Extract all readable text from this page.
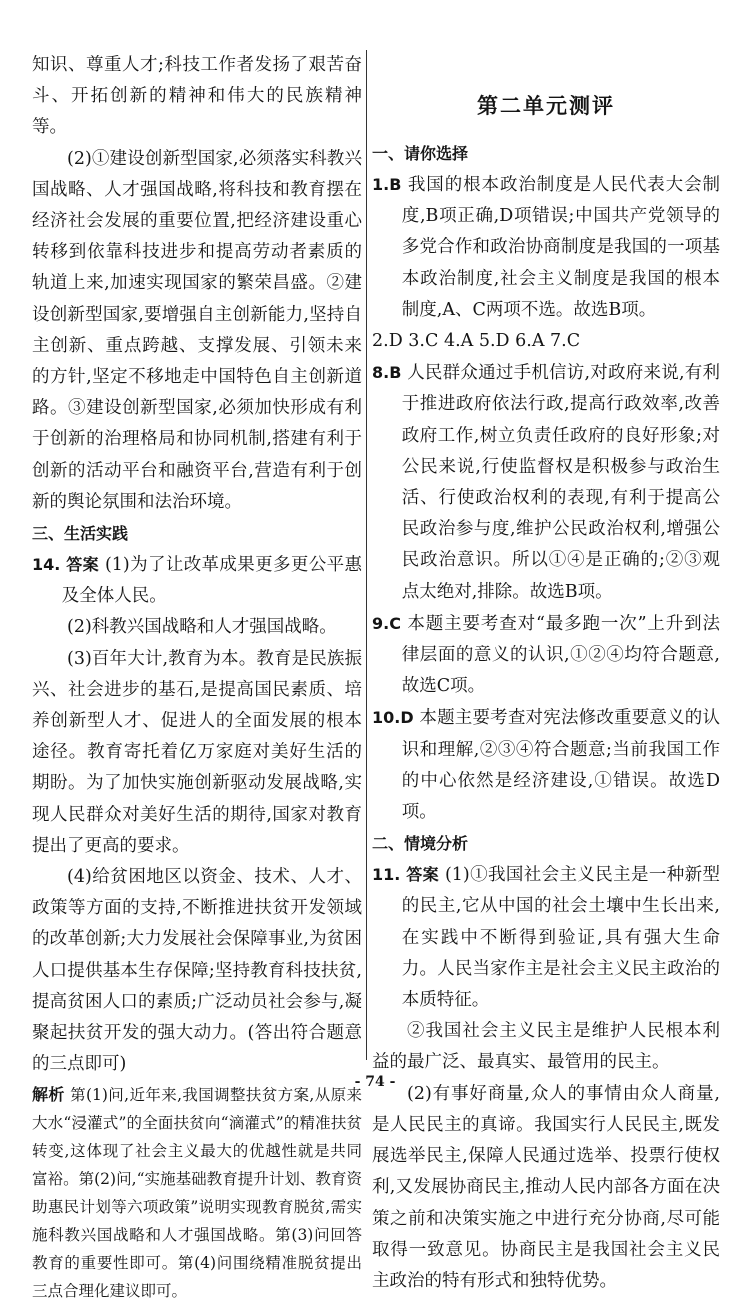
知识、尊重人才;科技工作者发扬了艰苦奋斗、开拓创新的精神和伟大的民族精神等。

(2)①建设创新型国家,必须落实科教兴国战略、人才强国战略,将科技和教育摆在经济社会发展的重要位置,把经济建设重心转移到依靠科技进步和提高劳动者素质的轨道上来,加速实现国家的繁荣昌盛。②建设创新型国家,要增强自主创新能力,坚持自主创新、重点跨越、支撑发展、引领未来的方针,坚定不移地走中国特色自主创新道路。③建设创新型国家,必须加快形成有利于创新的治理格局和协同机制,搭建有利于创新的活动平台和融资平台,营造有利于创新的舆论氛围和法治环境。

三、生活实践

14. 答案 (1)为了让改革成果更多更公平惠及全体人民。

(2)科教兴国战略和人才强国战略。

(3)百年大计,教育为本。教育是民族振兴、社会进步的基石,是提高国民素质、培养创新型人才、促进人的全面发展的根本途径。教育寄托着亿万家庭对美好生活的期盼。为了加快实施创新驱动发展战略,实现人民群众对美好生活的期待,国家对教育提出了更高的要求。

(4)给贫困地区以资金、技术、人才、政策等方面的支持,不断推进扶贫开发领域的改革创新;大力发展社会保障事业,为贫困人口提供基本生存保障;坚持教育科技扶贫,提高贫困人口的素质;广泛动员社会参与,凝聚起扶贫开发的强大动力。(答出符合题意的三点即可)

解析 第(1)问,近年来,我国调整扶贫方案,从原来大水“浸灌式”的全面扶贫向“滴灌式”的精准扶贫转变,这体现了社会主义最大的优越性就是共同富裕。第(2)问,“实施基础教育提升计划、教育资助惠民计划等六项政策”说明实现教育脱贫,需实施科教兴国战略和人才强国战略。第(3)问回答教育的重要性即可。第(4)问围绕精准脱贫提出三点合理化建议即可。

第二单元测评

一、请你选择

1.B 我国的根本政治制度是人民代表大会制度,B项正确,D项错误;中国共产党领导的多党合作和政治协商制度是我国的一项基本政治制度,社会主义制度是我国的根本制度,A、C两项不选。故选B项。

2.D 3.C 4.A 5.D 6.A 7.C

8.B 人民群众通过手机信访,对政府来说,有利于推进政府依法行政,提高行政效率,改善政府工作,树立负责任政府的良好形象;对公民来说,行使监督权是积极参与政治生活、行使政治权利的表现,有利于提高公民政治参与度,维护公民政治权利,增强公民政治意识。所以①④是正确的;②③观点太绝对,排除。故选B项。

9.C 本题主要考查对“最多跑一次”上升到法律层面的意义的认识,①②④均符合题意,故选C项。

10.D 本题主要考查对宪法修改重要意义的认识和理解,②③④符合题意;当前我国工作的中心依然是经济建设,①错误。故选D项。

二、情境分析

11. 答案 (1)①我国社会主义民主是一种新型的民主,它从中国的社会土壤中生长出来,在实践中不断得到验证,具有强大生命力。人民当家作主是社会主义民主政治的本质特征。

②我国社会主义民主是维护人民根本利益的最广泛、最真实、最管用的民主。

(2)有事好商量,众人的事情由众人商量,是人民民主的真谛。我国实行人民民主,既发展选举民主,保障人民通过选举、投票行使权利,又发展协商民主,推动人民内部各方面在决策之前和决策实施之中进行充分协商,尽可能取得一致意见。协商民主是我国社会主义民主政治的特有形式和独特优势。

- 74 -
